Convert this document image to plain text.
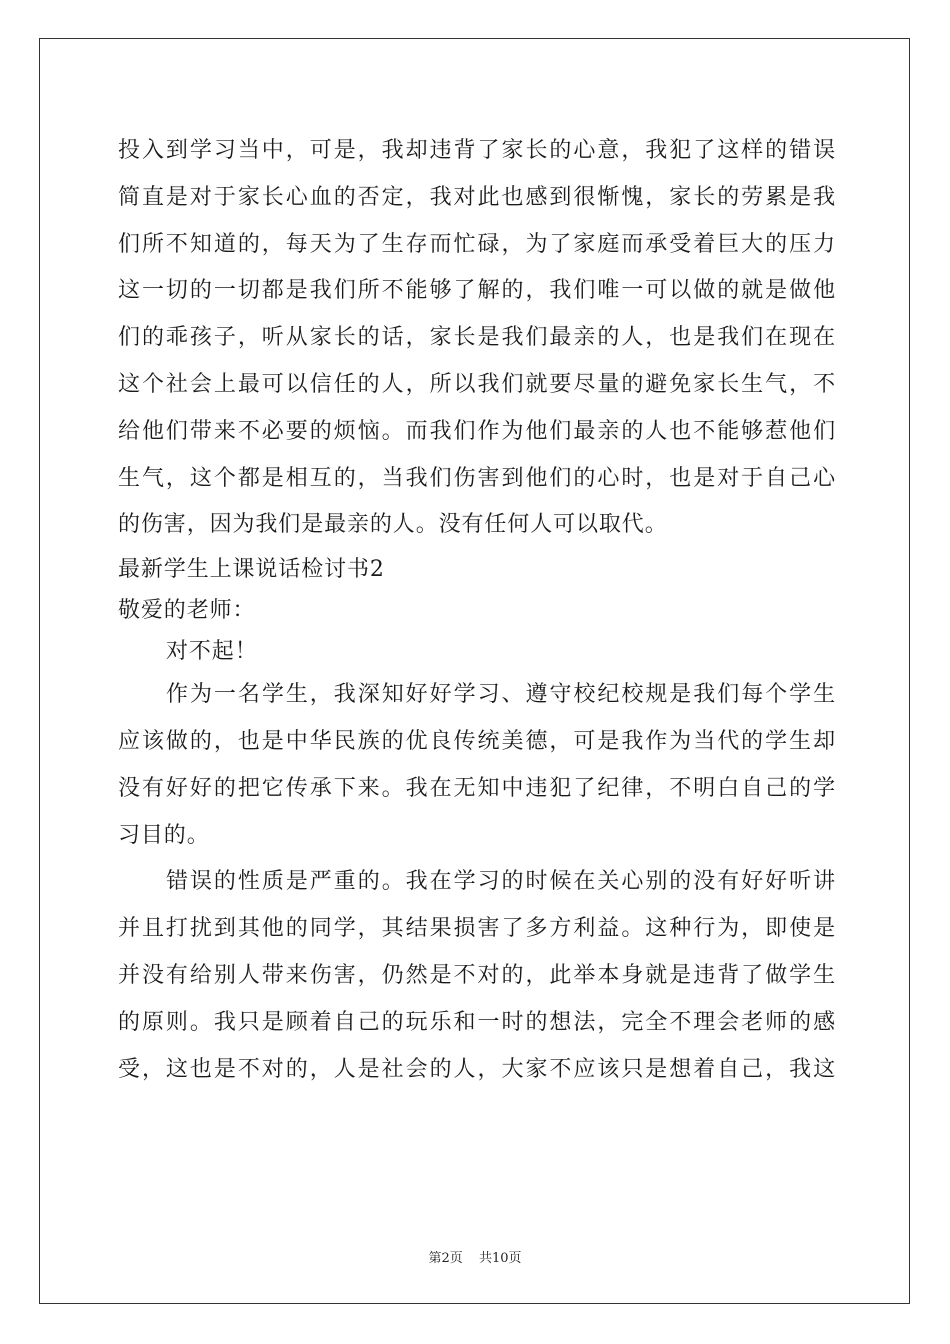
投入到学习当中，可是，我却违背了家长的心意，我犯了这样的错误
简直是对于家长心血的否定，我对此也感到很惭愧，家长的劳累是我
们所不知道的，每天为了生存而忙碌，为了家庭而承受着巨大的压力
这一切的一切都是我们所不能够了解的，我们唯一可以做的就是做他
们的乖孩子，听从家长的话，家长是我们最亲的人，也是我们在现在
这个社会上最可以信任的人，所以我们就要尽量的避免家长生气，不
给他们带来不必要的烦恼。而我们作为他们最亲的人也不能够惹他们
生气，这个都是相互的，当我们伤害到他们的心时，也是对于自己心
的伤害，因为我们是最亲的人。没有任何人可以取代。
最新学生上课说话检讨书2
敬爱的老师：
对不起！
作为一名学生，我深知好好学习、遵守校纪校规是我们每个学生
应该做的，也是中华民族的优良传统美德，可是我作为当代的学生却
没有好好的把它传承下来。我在无知中违犯了纪律，不明白自己的学
习目的。
错误的性质是严重的。我在学习的时候在关心别的没有好好听讲
并且打扰到其他的同学，其结果损害了多方利益。这种行为，即使是
并没有给别人带来伤害，仍然是不对的，此举本身就是违背了做学生
的原则。我只是顾着自己的玩乐和一时的想法，完全不理会老师的感
受，这也是不对的，人是社会的人，大家不应该只是想着自己，我这
第2页 共10页
